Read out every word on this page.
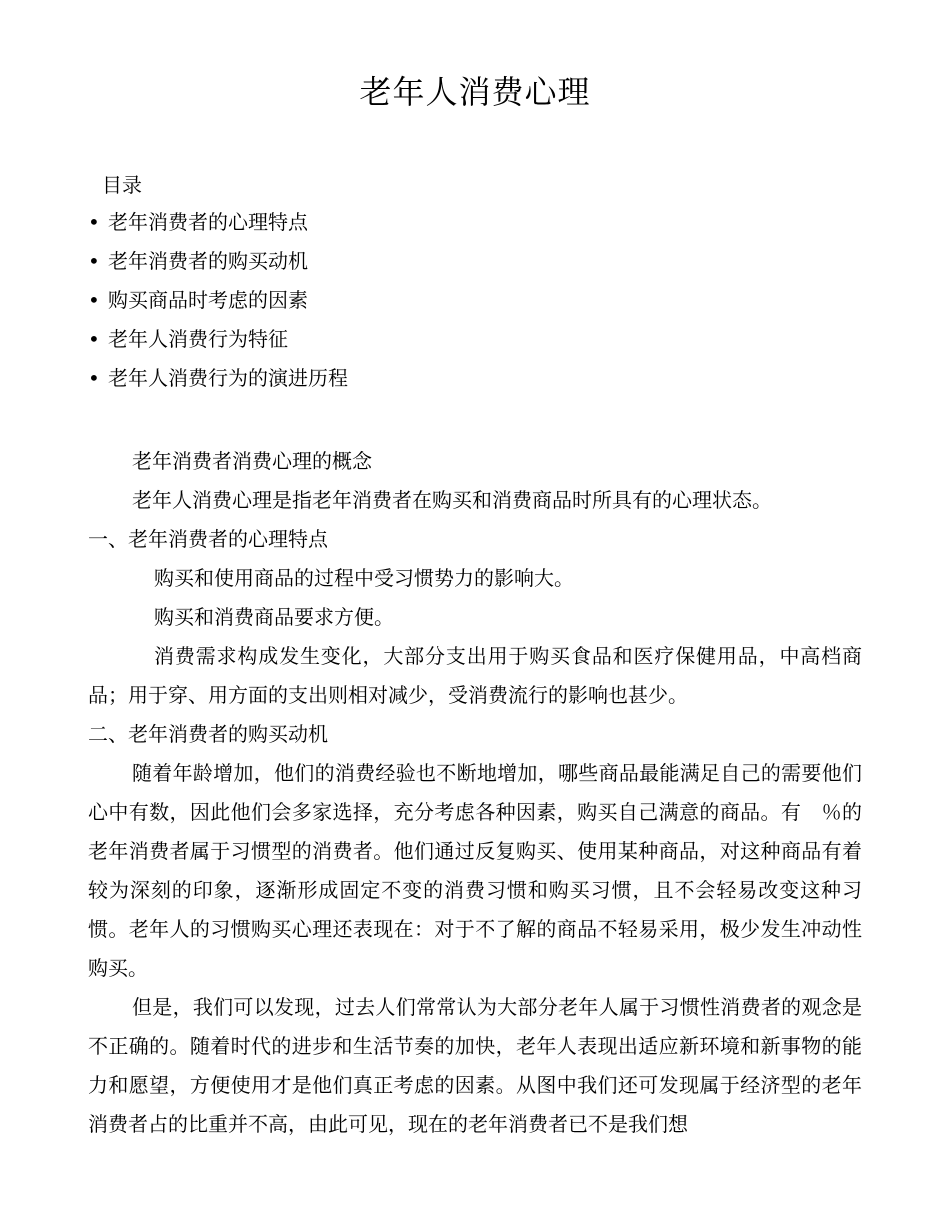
老年人消费心理
目录
• 老年消费者的心理特点
• 老年消费者的购买动机
• 购买商品时考虑的因素
• 老年人消费行为特征
• 老年人消费行为的演进历程

老年消费者消费心理的概念

老年人消费心理是指老年消费者在购买和消费商品时所具有的心理状态。

一、老年消费者的心理特点

购买和使用商品的过程中受习惯势力的影响大。

购买和消费商品要求方便。

消费需求构成发生变化，大部分支出用于购买食品和医疗保健用品，中高档商品；用于穿、用方面的支出则相对减少，受消费流行的影响也甚少。

二、老年消费者的购买动机

随着年龄增加，他们的消费经验也不断地增加，哪些商品最能满足自己的需要他们心中有数，因此他们会多家选择，充分考虑各种因素，购买自己满意的商品。有　％的老年消费者属于习惯型的消费者。他们通过反复购买、使用某种商品，对这种商品有着较为深刻的印象，逐渐形成固定不变的消费习惯和购买习惯，且不会轻易改变这种习惯。老年人的习惯购买心理还表现在：对于不了解的商品不轻易采用，极少发生冲动性购买。

但是，我们可以发现，过去人们常常认为大部分老年人属于习惯性消费者的观念是不正确的。随着时代的进步和生活节奏的加快，老年人表现出适应新环境和新事物的能力和愿望，方便使用才是他们真正考虑的因素。从图中我们还可发现属于经济型的老年消费者占的比重并不高，由此可见，现在的老年消费者已不是我们想
